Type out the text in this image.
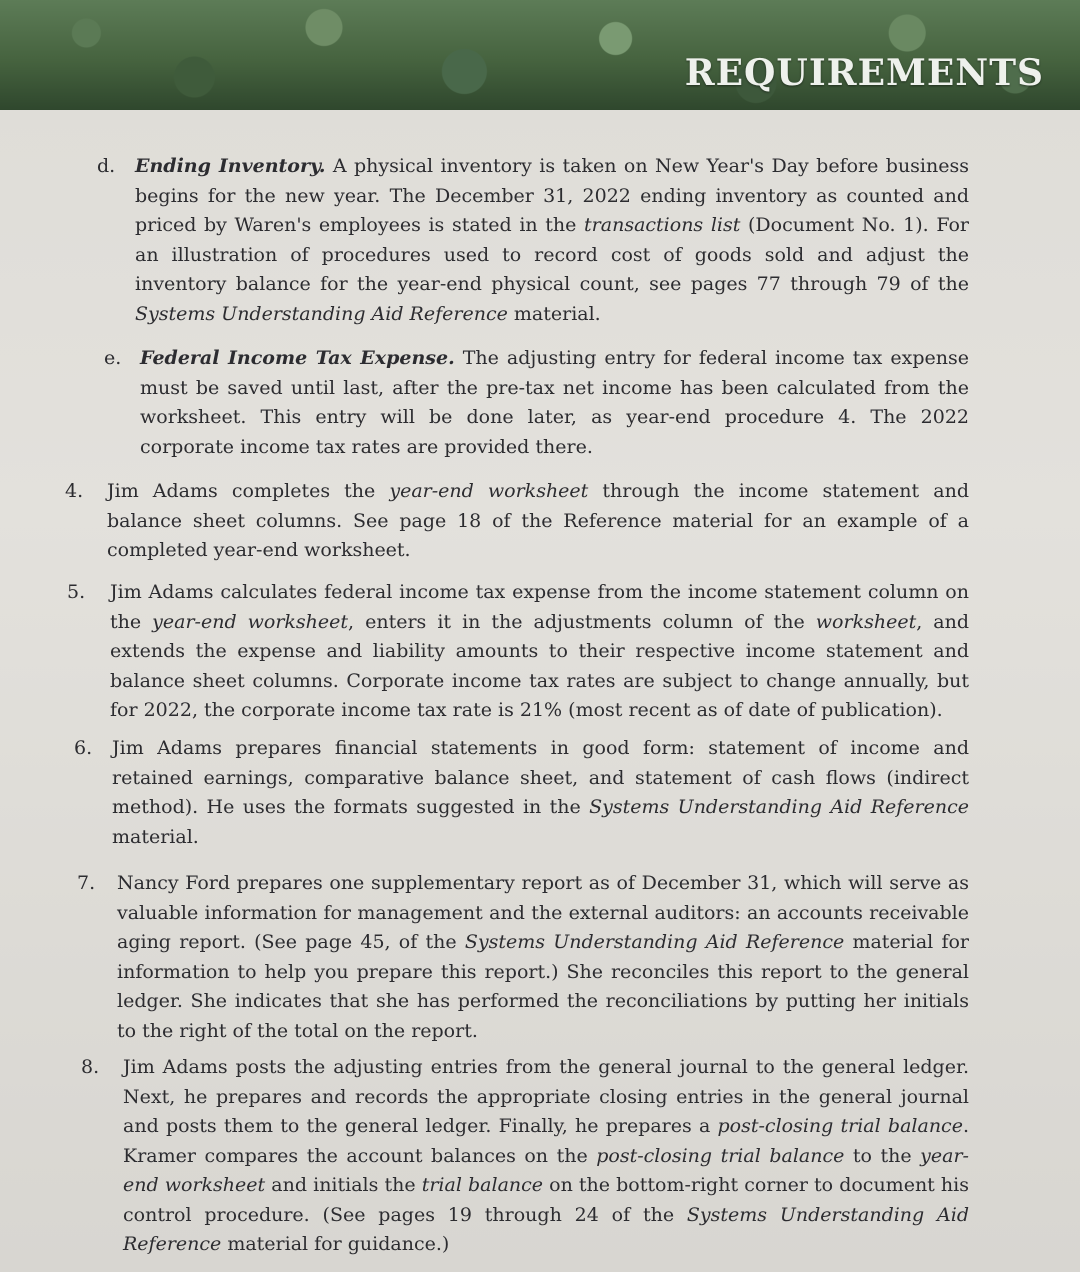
REQUIREMENTS
d. Ending Inventory. A physical inventory is taken on New Year's Day before business begins for the new year. The December 31, 2022 ending inventory as counted and priced by Waren's employees is stated in the transactions list (Document No. 1). For an illustration of procedures used to record cost of goods sold and adjust the inventory balance for the year-end physical count, see pages 77 through 79 of the Systems Understanding Aid Reference material.
e. Federal Income Tax Expense. The adjusting entry for federal income tax expense must be saved until last, after the pre-tax net income has been calculated from the worksheet. This entry will be done later, as year-end procedure 4. The 2022 corporate income tax rates are provided there.
4. Jim Adams completes the year-end worksheet through the income statement and balance sheet columns. See page 18 of the Reference material for an example of a completed year-end worksheet.
5. Jim Adams calculates federal income tax expense from the income statement column on the year-end worksheet, enters it in the adjustments column of the worksheet, and extends the expense and liability amounts to their respective income statement and balance sheet columns. Corporate income tax rates are subject to change annually, but for 2022, the corporate income tax rate is 21% (most recent as of date of publication).
6. Jim Adams prepares financial statements in good form: statement of income and retained earnings, comparative balance sheet, and statement of cash flows (indirect method). He uses the formats suggested in the Systems Understanding Aid Reference material.
7. Nancy Ford prepares one supplementary report as of December 31, which will serve as valuable information for management and the external auditors: an accounts receivable aging report. (See page 45, of the Systems Understanding Aid Reference material for information to help you prepare this report.) She reconciles this report to the general ledger. She indicates that she has performed the reconciliations by putting her initials to the right of the total on the report.
8. Jim Adams posts the adjusting entries from the general journal to the general ledger. Next, he prepares and records the appropriate closing entries in the general journal and posts them to the general ledger. Finally, he prepares a post-closing trial balance. Kramer compares the account balances on the post-closing trial balance to the year-end worksheet and initials the trial balance on the bottom-right corner to document his control procedure. (See pages 19 through 24 of the Systems Understanding Aid Reference material for guidance.)
